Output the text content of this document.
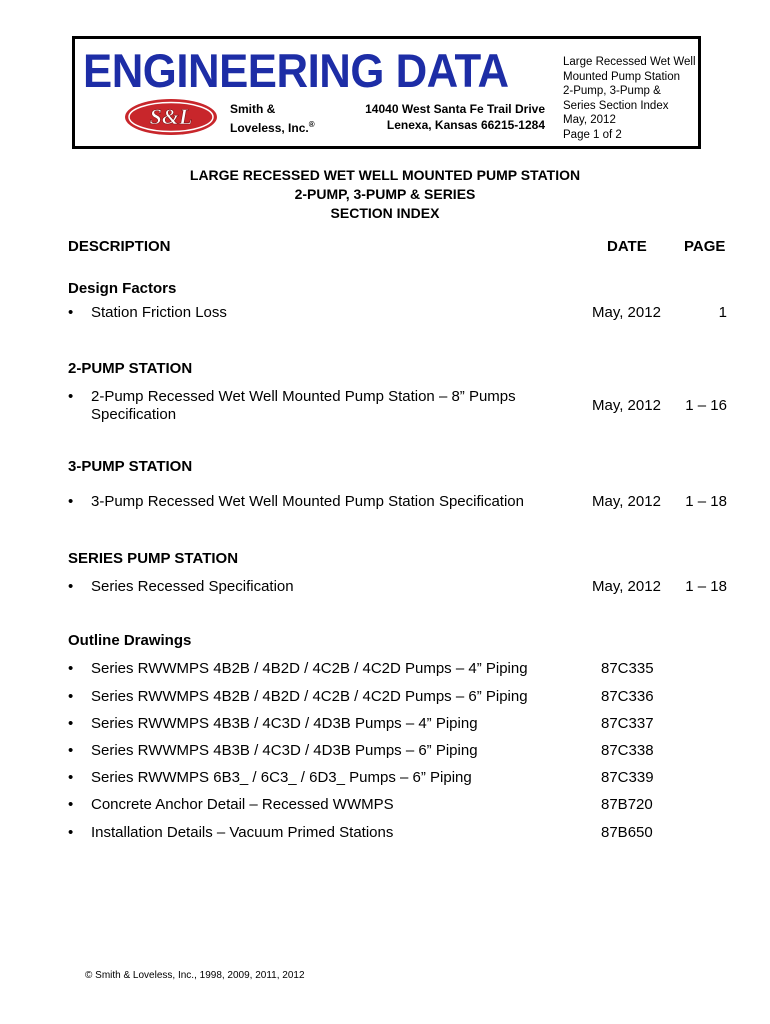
ENGINEERING DATA
S&L	Smith &
Loveless, Inc.®
14040 West Santa Fe Trail Drive
Lenexa, Kansas 66215-1284
Large Recessed Wet Well
Mounted Pump Station
2-Pump, 3-Pump &
Series Section Index
May, 2012
Page 1 of 2
LARGE RECESSED WET WELL MOUNTED PUMP STATION
2-PUMP, 3-PUMP & SERIES
SECTION INDEX
DESCRIPTION	DATE PAGE
Design Factors
• Station Friction Loss	May, 2012	1
2-PUMP STATION
• 2-Pump Recessed Wet Well Mounted Pump Station – 8” Pumps Specification
May, 2012	1 – 16
3-PUMP STATION
• 3-Pump Recessed Wet Well Mounted Pump Station Specification	May, 2012	1 – 18
SERIES PUMP STATION
• Series Recessed Specification	May, 2012	1 – 18
Outline Drawings
• Series RWWMPS 4B2B / 4B2D / 4C2B / 4C2D Pumps – 4” Piping	87C335
• Series RWWMPS 4B2B / 4B2D / 4C2B / 4C2D Pumps – 6” Piping	87C336
• Series RWWMPS 4B3B / 4C3D / 4D3B Pumps – 4” Piping	87C337
• Series RWWMPS 4B3B / 4C3D / 4D3B Pumps – 6” Piping	87C338
• Series RWWMPS 6B3_ / 6C3_ / 6D3_ Pumps – 6” Piping	87C339
• Concrete Anchor Detail – Recessed WWMPS	87B720
• Installation Details – Vacuum Primed Stations	87B650
© Smith & Loveless, Inc., 1998, 2009, 2011, 2012
